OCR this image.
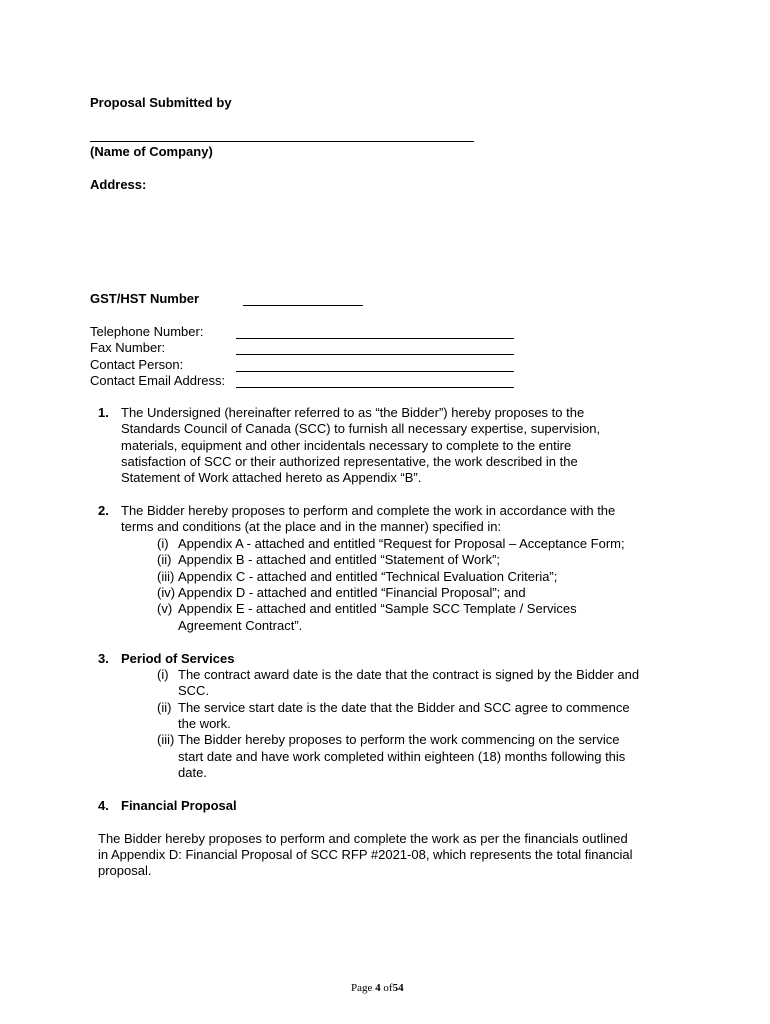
Proposal Submitted by
(Name of Company)
Address:
GST/HST Number
Telephone Number:
Fax Number:
Contact Person:
Contact Email Address:
1. The Undersigned (hereinafter referred to as “the Bidder”) hereby proposes to the
Standards Council of Canada (SCC) to furnish all necessary expertise, supervision,
materials, equipment and other incidentals necessary to complete to the entire
satisfaction of SCC or their authorized representative, the work described in the
Statement of Work attached hereto as Appendix “B”.
2. The Bidder hereby proposes to perform and complete the work in accordance with the
terms and conditions (at the place and in the manner) specified in:
(i) Appendix A - attached and entitled “Request for Proposal – Acceptance Form;
(ii) Appendix B - attached and entitled “Statement of Work”;
(iii) Appendix C - attached and entitled “Technical Evaluation Criteria”;
(iv) Appendix D - attached and entitled “Financial Proposal”; and
(v) Appendix E - attached and entitled “Sample SCC Template / Services
Agreement Contract”.
3. Period of Services
(i) The contract award date is the date that the contract is signed by the Bidder and
SCC.
(ii) The service start date is the date that the Bidder and SCC agree to commence
the work.
(iii) The Bidder hereby proposes to perform the work commencing on the service
start date and have work completed within eighteen (18) months following this
date.
4. Financial Proposal
The Bidder hereby proposes to perform and complete the work as per the financials outlined
in Appendix D: Financial Proposal of SCC RFP #2021-08, which represents the total financial
proposal.
Page 4 of54
